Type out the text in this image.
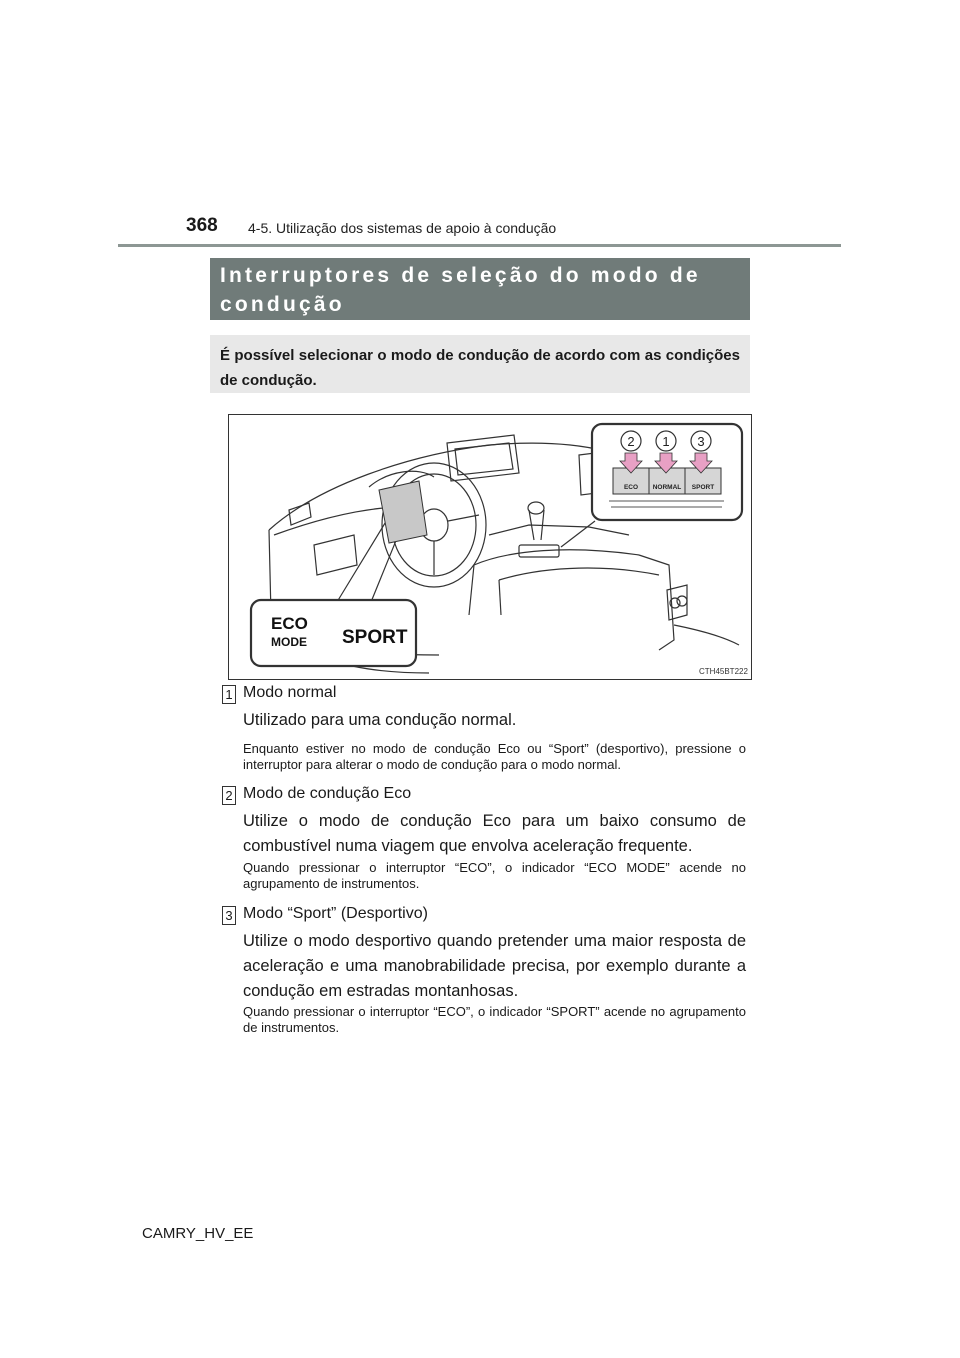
368 4-5. Utilização dos sistemas de apoio à condução
Interruptores de seleção do modo de
condução
É possível selecionar o modo de condução de acordo com as condições de condução.
2 1 3
ECO NORMAL SPORT
ECO
MODE SPORT
CTH45BT222
1 Modo normal
Utilizado para uma condução normal.
Enquanto estiver no modo de condução Eco ou “Sport” (desportivo), pressione o interruptor para alterar o modo de condução para o modo normal.
2 Modo de condução Eco
Utilize o modo de condução Eco para um baixo consumo de combustível numa viagem que envolva aceleração frequente.
Quando pressionar o interruptor “ECO”, o indicador “ECO MODE” acende no agrupamento de instrumentos.
3 Modo “Sport” (Desportivo)
Utilize o modo desportivo quando pretender uma maior resposta de aceleração e uma manobrabilidade precisa, por exemplo durante a condução em estradas montanhosas.
Quando pressionar o interruptor “ECO”, o indicador “SPORT” acende no agrupamento de instrumentos.
CAMRY_HV_EE
